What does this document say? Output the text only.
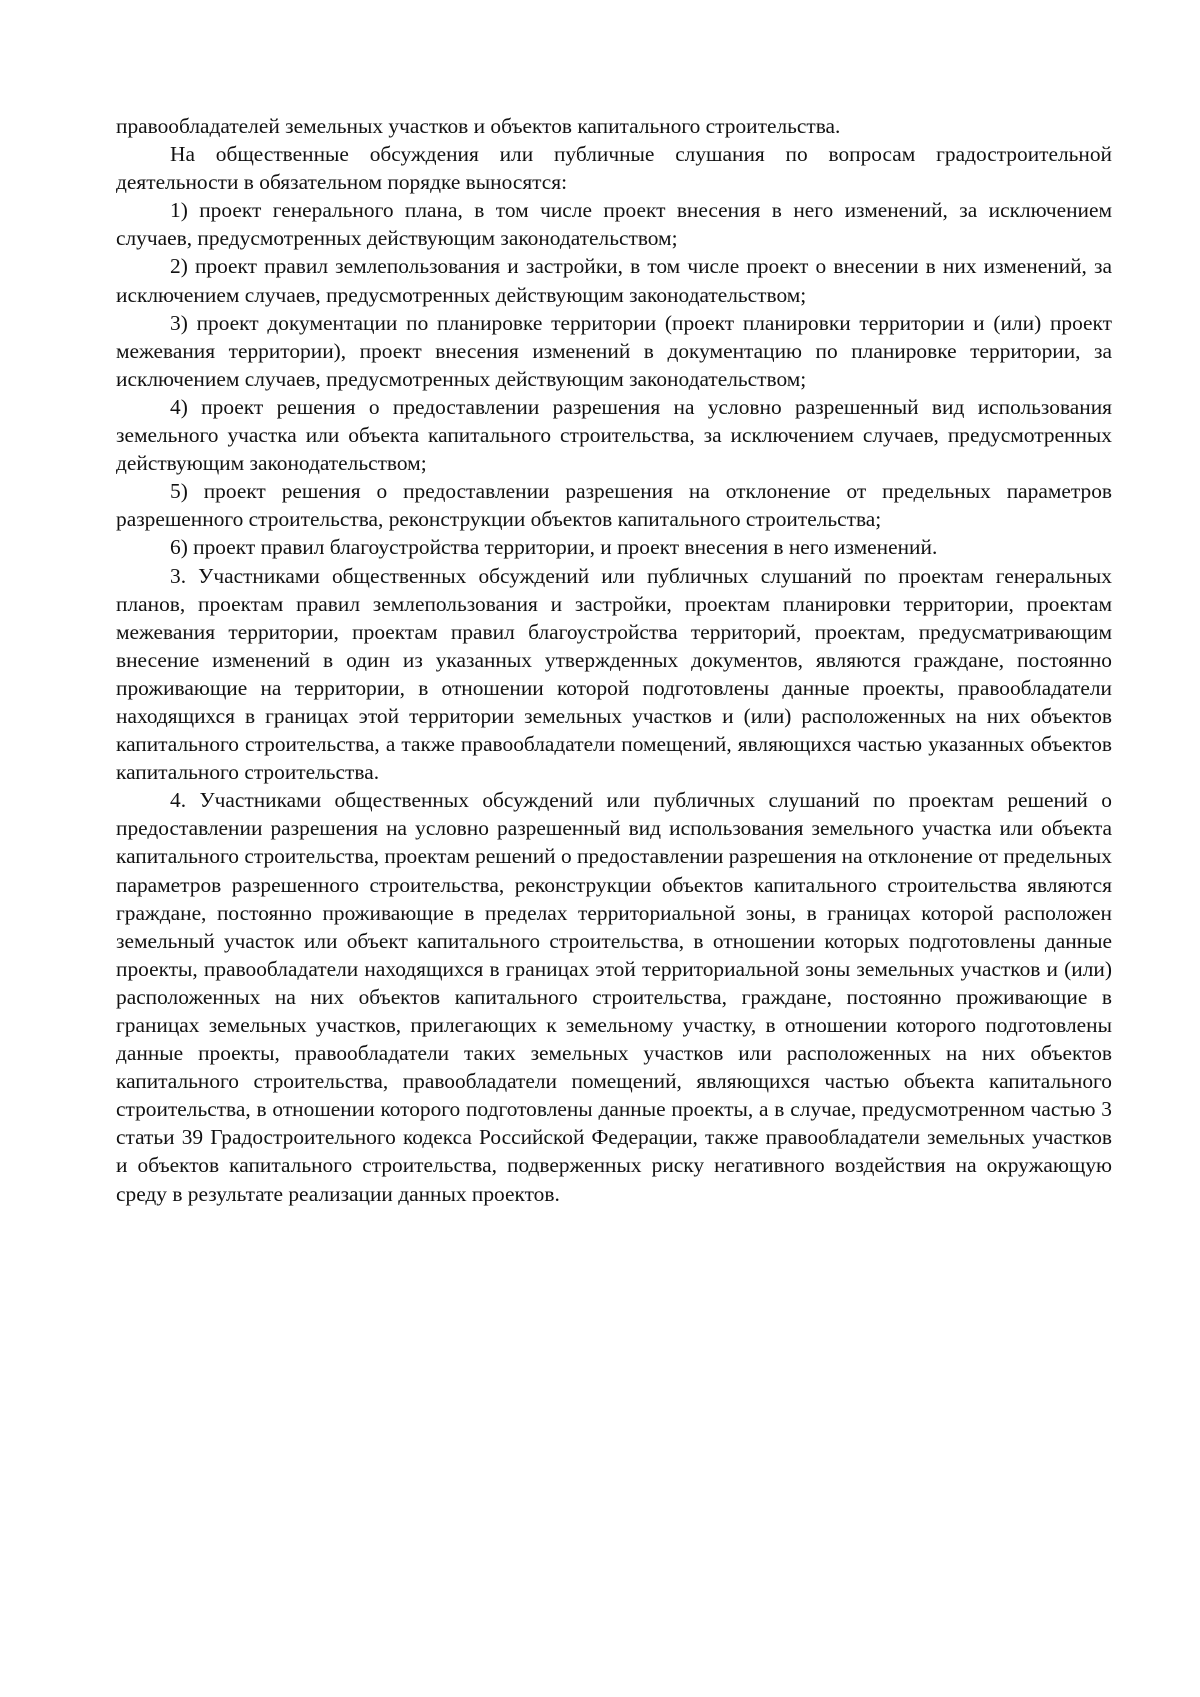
правообладателей земельных участков и объектов капитального строительства.

На общественные обсуждения или публичные слушания по вопросам градостроительной деятельности в обязательном порядке выносятся:

1) проект генерального плана, в том числе проект внесения в него изменений, за исключением случаев, предусмотренных действующим законодательством;

2) проект правил землепользования и застройки, в том числе проект о внесении в них изменений, за исключением случаев, предусмотренных действующим законодательством;

3) проект документации по планировке территории (проект планировки территории и (или) проект межевания территории), проект внесения изменений в документацию по планировке территории, за исключением случаев, предусмотренных действующим законодательством;

4) проект решения о предоставлении разрешения на условно разрешенный вид использования земельного участка или объекта капитального строительства, за исключением случаев, предусмотренных действующим законодательством;

5) проект решения о предоставлении разрешения на отклонение от предельных параметров разрешенного строительства, реконструкции объектов капитального строительства;

6) проект правил благоустройства территории, и проект внесения в него изменений.

3. Участниками общественных обсуждений или публичных слушаний по проектам генеральных планов, проектам правил землепользования и застройки, проектам планировки территории, проектам межевания территории, проектам правил благоустройства территорий, проектам, предусматривающим внесение изменений в один из указанных утвержденных документов, являются граждане, постоянно проживающие на территории, в отношении которой подготовлены данные проекты, правообладатели находящихся в границах этой территории земельных участков и (или) расположенных на них объектов капитального строительства, а также правообладатели помещений, являющихся частью указанных объектов капитального строительства.

4. Участниками общественных обсуждений или публичных слушаний по проектам решений о предоставлении разрешения на условно разрешенный вид использования земельного участка или объекта капитального строительства, проектам решений о предоставлении разрешения на отклонение от предельных параметров разрешенного строительства, реконструкции объектов капитального строительства являются граждане, постоянно проживающие в пределах территориальной зоны, в границах которой расположен земельный участок или объект капитального строительства, в отношении которых подготовлены данные проекты, правообладатели находящихся в границах этой территориальной зоны земельных участков и (или) расположенных на них объектов капитального строительства, граждане, постоянно проживающие в границах земельных участков, прилегающих к земельному участку, в отношении которого подготовлены данные проекты, правообладатели таких земельных участков или расположенных на них объектов капитального строительства, правообладатели помещений, являющихся частью объекта капитального строительства, в отношении которого подготовлены данные проекты, а в случае, предусмотренном частью 3 статьи 39 Градостроительного кодекса Российской Федерации, также правообладатели земельных участков и объектов капитального строительства, подверженных риску негативного воздействия на окружающую среду в результате реализации данных проектов.
